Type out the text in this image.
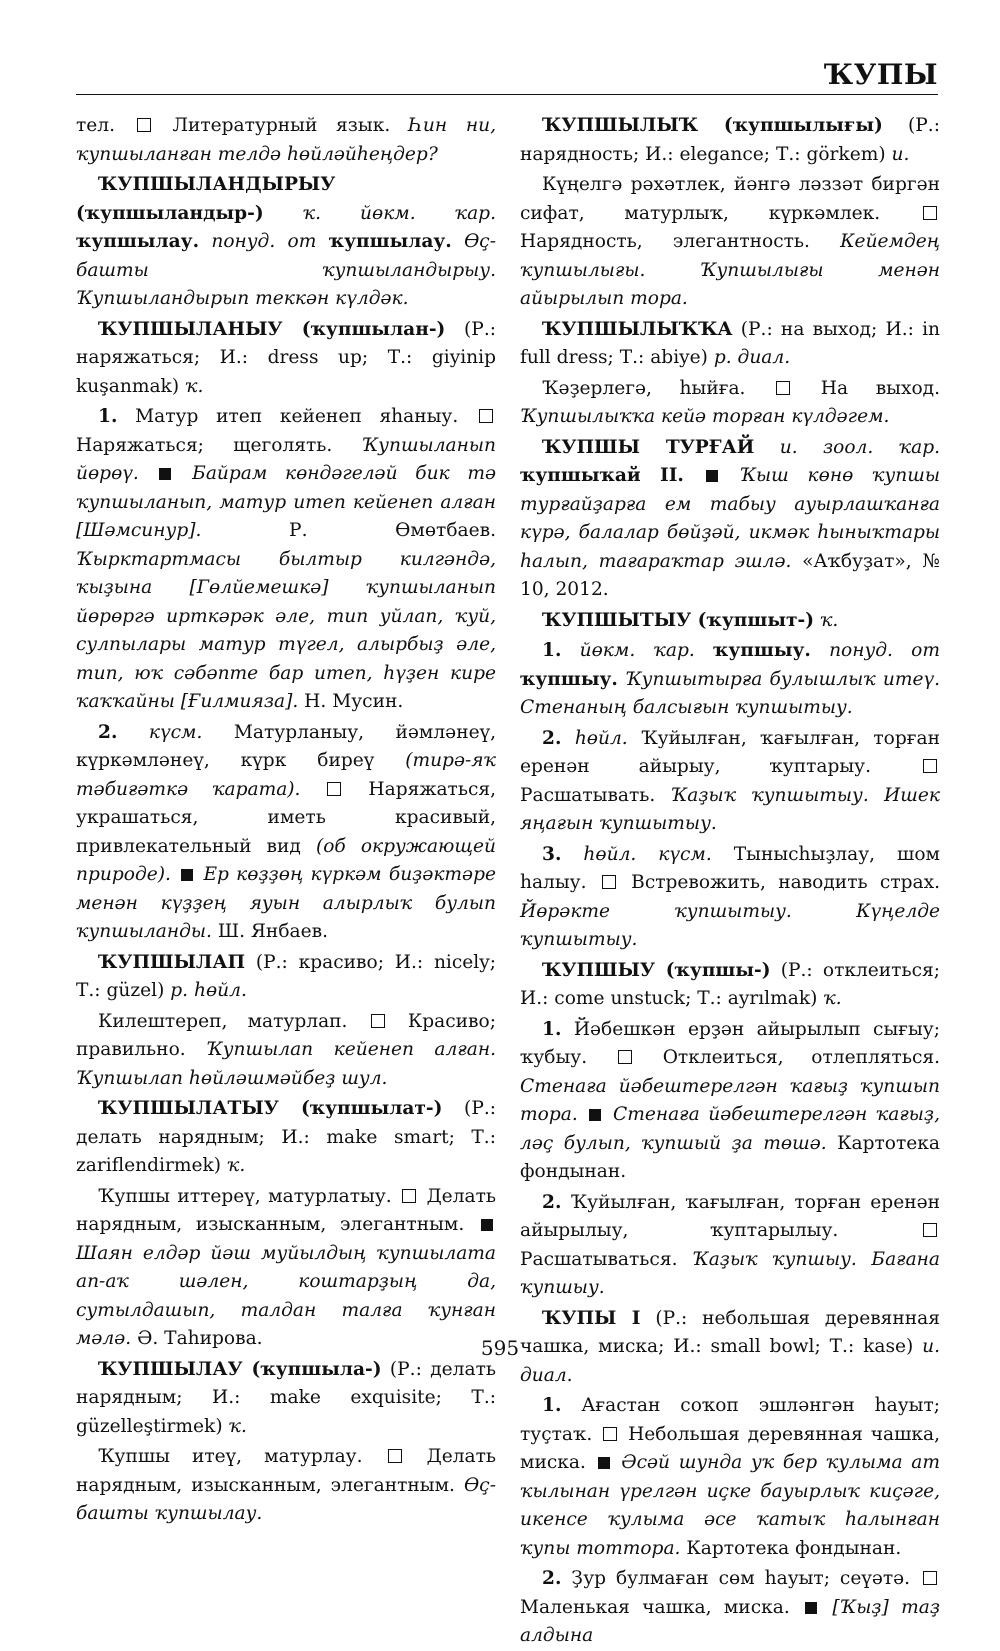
ҠУПЫ

тел.  Литературный язык. Һин ни, ҡупшыланған телдә һөйләйһеңдер?

ҠУПШЫЛАНДЫРЫУ (ҡупшыландыр-) ҡ. йөкм. ҡар. ҡупшылау. понуд. от ҡупшылау. Өҫ-башты ҡупшыландырыу. Ҡупшыландырып теккән күлдәк.

ҠУПШЫЛАНЫУ (ҡупшылан-) (Р.: наряжаться; И.: dress up; Т.: giyinip kuşanmak) ҡ.

1. Матур итеп кейенеп яһаныу.  Наряжаться; щеголять. Ҡупшыланып йөрөү.	Байрам көндәгеләй бик тә ҡупшыланып, матур итеп кейенеп алған [Шәмсинур]. Р. Өмөтбаев. Ҡырктартмасы былтыр килгәндә, ҡыҙына [Гөлйемешкә] ҡупшыланып йөрөргә ирткәрәк әле, тип уйлап, ҡуй, сулпылары матур түгел, алырбыҙ әле, тип, юҡ сәбәпте бар итеп, һүҙен кире ҡаҡҡайны [Ғилмияза]. Н. Мусин.

2. күсм. Матурланыу, йәмләнеү, күркәмләнеү, күрк биреү (тирә-яҡ тәбиғәткә ҡарата).  Наряжаться, украшаться, иметь красивый, привлекательный вид (об окружающей природе). Ер көҙҙөң күркәм биҙәктәре менән күҙҙең яуын алырлыҡ булып ҡупшыланды. Ш. Янбаев.

ҠУПШЫЛАП (Р.: красиво; И.: nicely; Т.: güzel) р. һөйл.

Килештереп, матурлап.  Красиво; правильно. Ҡупшылап кейенеп алған. Ҡупшылап һөйләшмәйбеҙ шул.

ҠУПШЫЛАТЫУ (ҡупшылат-) (Р.: делать нарядным; И.: make smart; Т.: zariflendirmek) ҡ.

Ҡупшы иттереү, матурлатыу.  Делать нарядным, изысканным, элегантным.  Шаян елдәр йәш муйылдың ҡупшылата ап-аҡ шәлен, коштарҙың да, сутылдашып, талдан талға ҡунған мәлә. Ә. Таһирова.

ҠУПШЫЛАУ (ҡупшыла-) (Р.: делать нарядным; И.: make exquisite; Т.: güzelleştirmek) ҡ.

Ҡупшы итеү, матурлау.  Делать нарядным, изысканным, элегантным. Өҫ-башты ҡупшылау.

ҠУПШЫЛЫҠ (ҡупшылығы) (Р.: нарядность; И.: elegance; Т.: görkem) и.

Күңелгә рәхәтлек, йәнгә ләззәт биргән сифат, матурлыҡ, күркәмлек.  Нарядность, элегантность. Кейемдең ҡупшылығы. Ҡупшылығы менән айырылып тора.

ҠУПШЫЛЫҠҠА (Р.: на выход; И.: in full dress; Т.: abiye) р. диал.

Ҡәҙерлегә, һыйға.  На выход. Ҡупшылыҡҡа кейә торған күлдәгем.

ҠУПШЫ ТУРҒАЙ и. зоол. ҡар. ҡупшыҡай II.	Ҡыш көнө ҡупшы турғайҙарға ем табыу ауырлашҡанға күрә, балалар бөйҙәй, икмәк һыныҡтары һалып, тағараҡтар эшлә. «Аҡбуҙат», № 10, 2012.

ҠУПШЫТЫУ (ҡупшыт-) ҡ.

1. йөкм. ҡар. ҡупшыу. понуд. от ҡупшыу. Ҡупшытырға булышлыҡ итеү. Стенаның балсығын ҡупшытыу.

2. һөйл. Ҡуйылған, ҡағылған, торған еренән айырыу, ҡуптарыу.  Расшатывать. Ҡаҙыҡ ҡупшытыу. Ишек яңағын ҡупшытыу.

3. һөйл. күсм. Тынысһыҙлау, шом һалыу.  Встревожить, наводить страх. Йөрәкте ҡупшытыу. Күңелде ҡупшытыу.

ҠУПШЫУ (ҡупшы-) (Р.: отклеиться; И.: come unstuck; Т.: ayrılmak) ҡ.

1. Йәбешкән ерҙән айырылып сығыу; ҡубыу.  Отклеиться, отлепляться. Стенаға йәбештерелгән ҡағыҙ ҡупшып тора. Стенаға йәбештерелгән ҡағыҙ, ләҫ булып, ҡупшый ҙа төшә. Картотека фондынан.

2. Ҡуйылған, ҡағылған, торған еренән айырылыу, ҡуптарылыу.  Расшатываться. Ҡаҙыҡ ҡупшыу. Бағана ҡупшыу.

ҠУПЫ I (Р.: небольшая деревянная чашка, миска; И.: small bowl; Т.: kase) и. диал.

1. Ағастан соҡоп эшләнгән һауыт; туҫтаҡ.  Небольшая деревянная чашка, миска.  Әсәй шунда уҡ бер ҡулыма ат ҡылынан үрелгән иҫке бауырлыҡ киҫәге, икенсе ҡулыма әсе ҡатыҡ һалынған ҡупы тоттора. Картотека фондынан.

2. Ҙур булмаған сөм һауыт; сеүәтә.  Маленькая чашка, миска.  [Ҡыҙ] таҙ алдына

595
